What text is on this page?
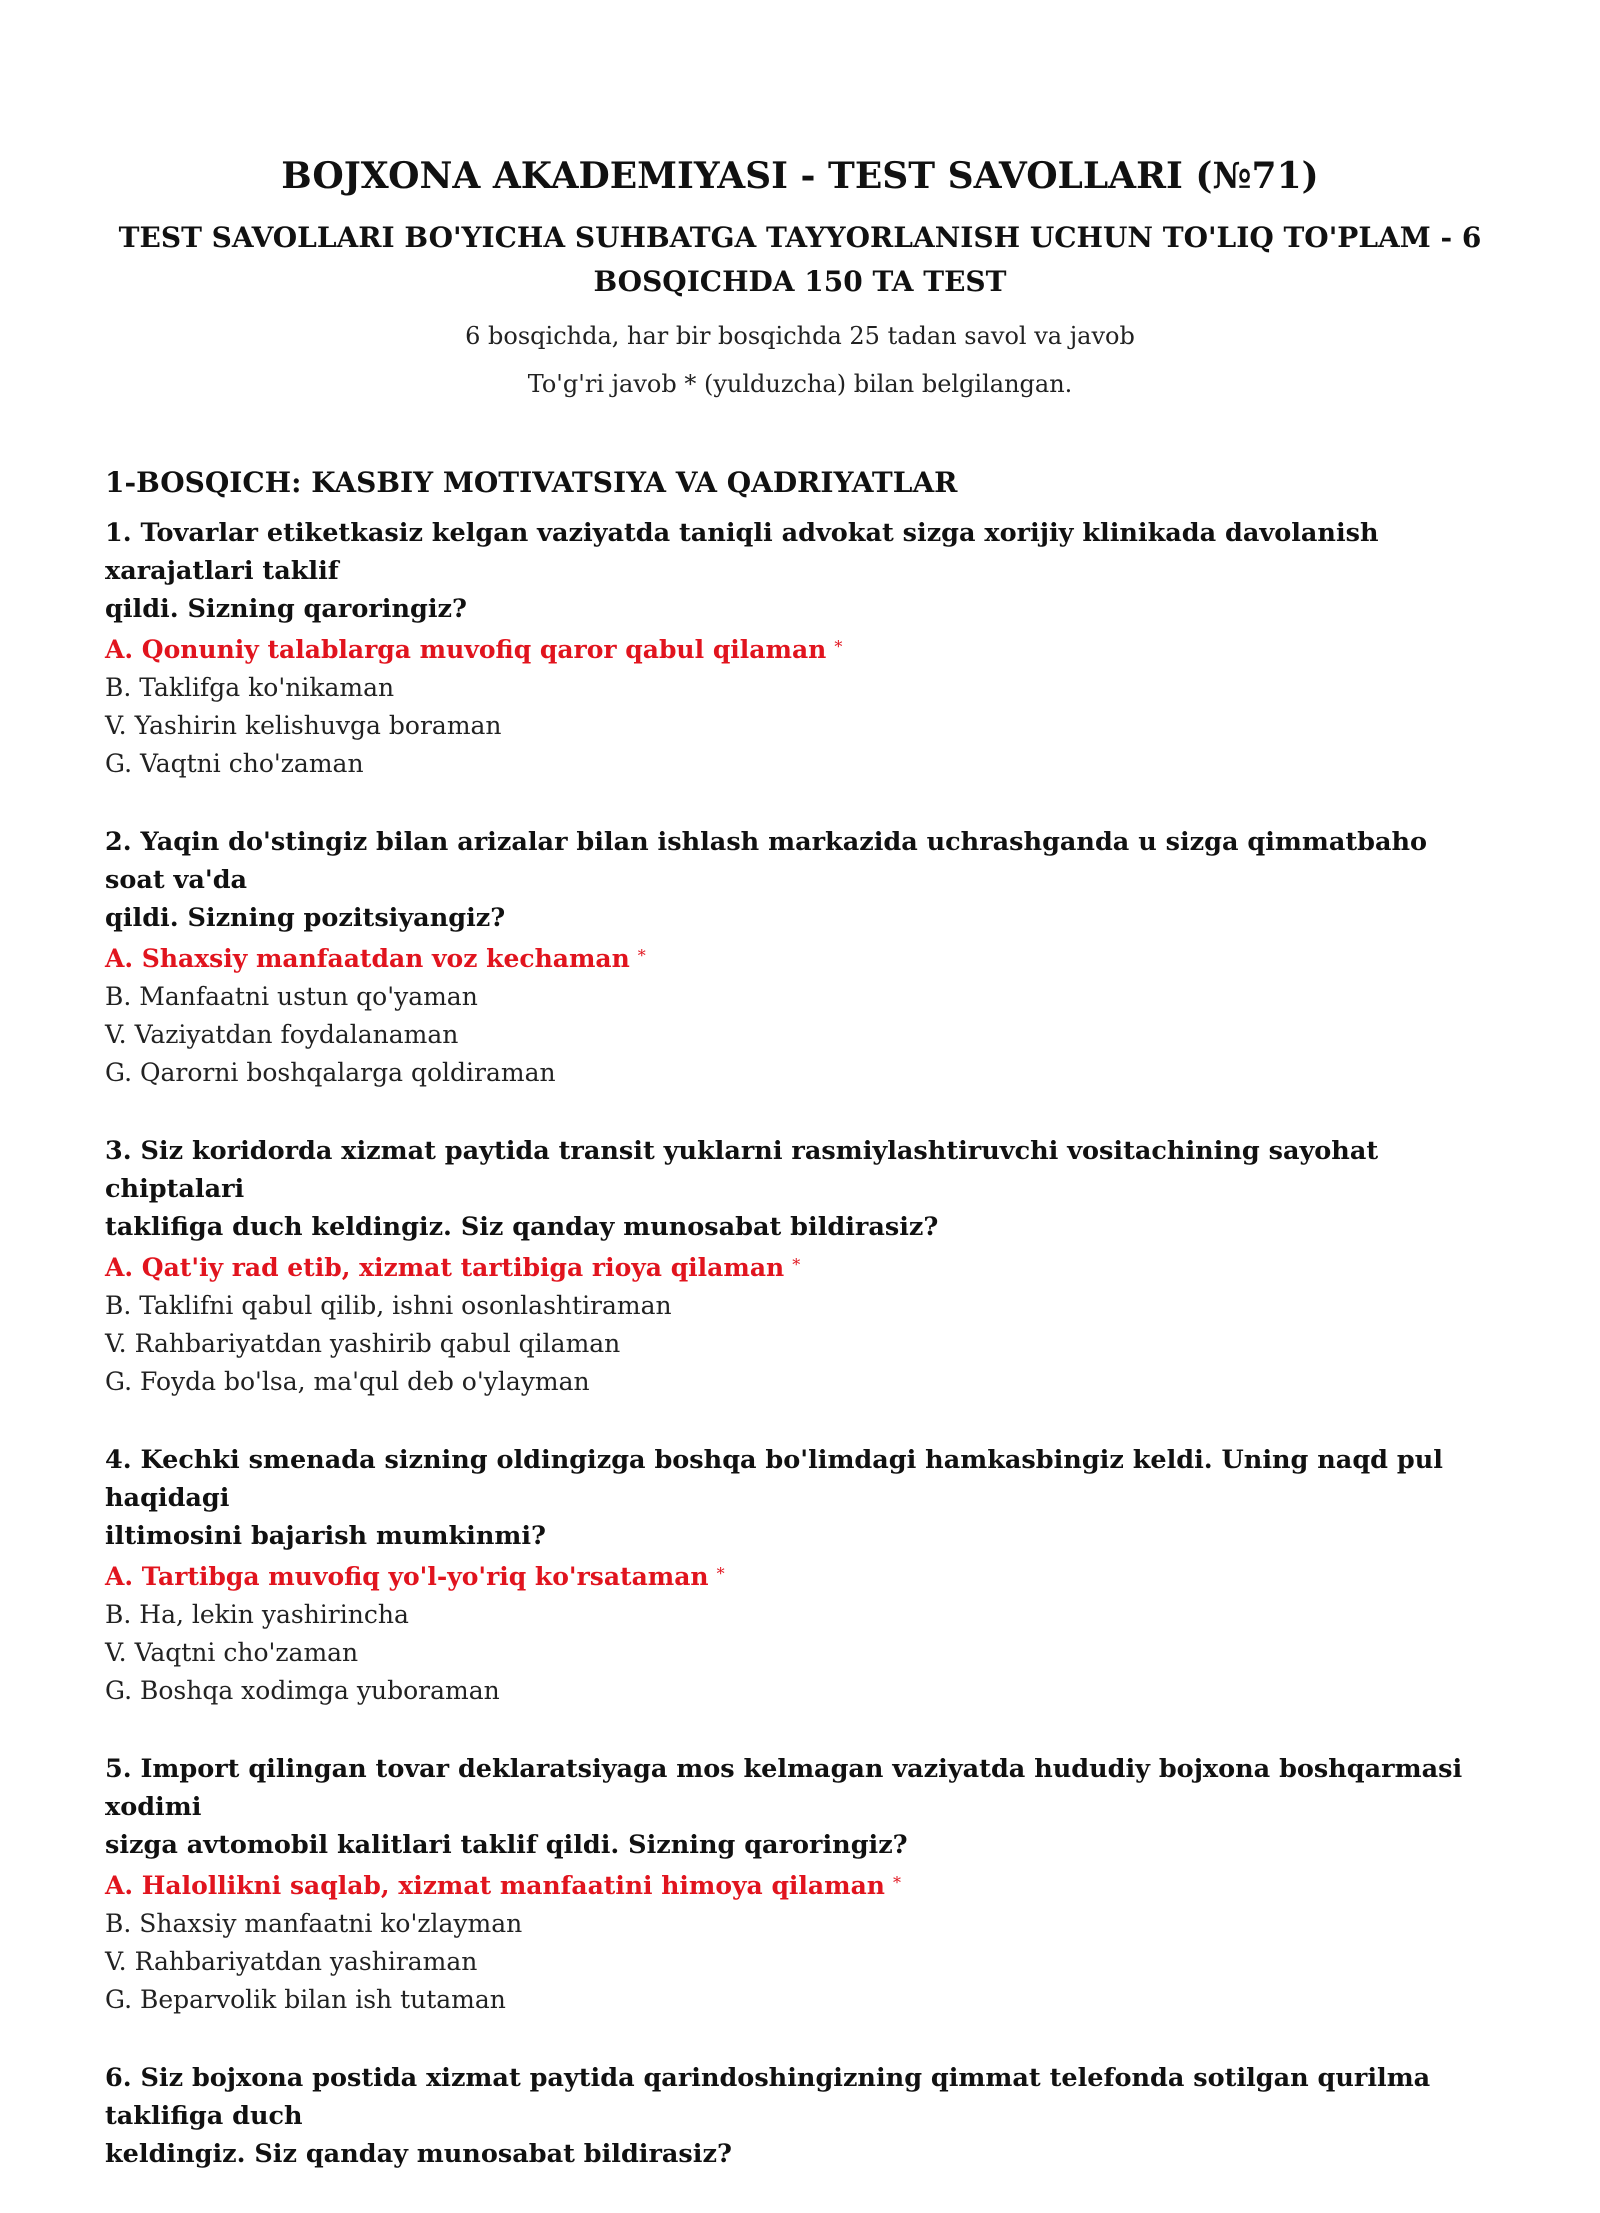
BOJXONA AKADEMIYASI - TEST SAVOLLARI (№71)
TEST SAVOLLARI BO'YICHA SUHBATGA TAYYORLANISH UCHUN TO'LIQ TO'PLAM - 6
BOSQICHDA 150 TA TEST

6 bosqichda, har bir bosqichda 25 tadan savol va javob

To'g'ri javob * (yulduzcha) bilan belgilangan.

1-BOSQICH: KASBIY MOTIVATSIYA VA QADRIYATLAR

1. Tovarlar etiketkasiz kelgan vaziyatda taniqli advokat sizga xorijiy klinikada davolanish xarajatlari taklif
qildi. Sizning qaroringiz?

A. Qonuniy talablarga muvofiq qaror qabul qilaman *

B. Taklifga ko'nikaman

V. Yashirin kelishuvga boraman

G. Vaqtni cho'zaman

2. Yaqin do'stingiz bilan arizalar bilan ishlash markazida uchrashganda u sizga qimmatbaho soat va'da
qildi. Sizning pozitsiyangiz?

A. Shaxsiy manfaatdan voz kechaman *

B. Manfaatni ustun qo'yaman

V. Vaziyatdan foydalanaman

G. Qarorni boshqalarga qoldiraman

3. Siz koridorda xizmat paytida transit yuklarni rasmiylashtiruvchi vositachining sayohat chiptalari
taklifiga duch keldingiz. Siz qanday munosabat bildirasiz?

A. Qat'iy rad etib, xizmat tartibiga rioya qilaman *

B. Taklifni qabul qilib, ishni osonlashtiraman

V. Rahbariyatdan yashirib qabul qilaman

G. Foyda bo'lsa, ma'qul deb o'ylayman

4. Kechki smenada sizning oldingizga boshqa bo'limdagi hamkasbingiz keldi. Uning naqd pul haqidagi
iltimosini bajarish mumkinmi?

A. Tartibga muvofiq yo'l-yo'riq ko'rsataman *

B. Ha, lekin yashirincha

V. Vaqtni cho'zaman

G. Boshqa xodimga yuboraman

5. Import qilingan tovar deklaratsiyaga mos kelmagan vaziyatda hududiy bojxona boshqarmasi xodimi
sizga avtomobil kalitlari taklif qildi. Sizning qaroringiz?

A. Halollikni saqlab, xizmat manfaatini himoya qilaman *

B. Shaxsiy manfaatni ko'zlayman

V. Rahbariyatdan yashiraman

G. Beparvolik bilan ish tutaman

6. Siz bojxona postida xizmat paytida qarindoshingizning qimmat telefonda sotilgan qurilma taklifiga duch
keldingiz. Siz qanday munosabat bildirasiz?
